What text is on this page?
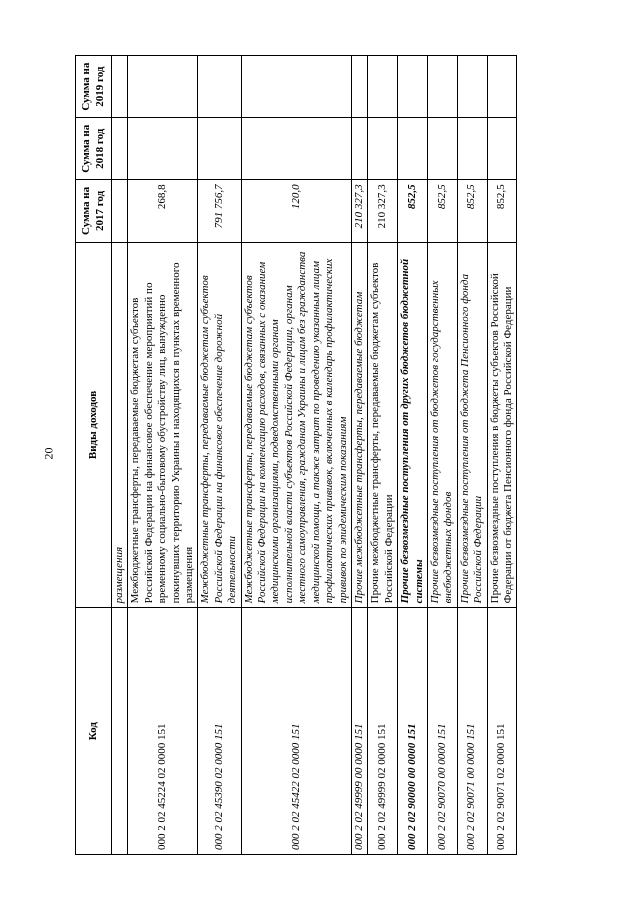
20
Код	Виды доходов	Сумма на 2017 год	Сумма на 2018 год	Сумма на 2019 год
	размещения			
000 2 02 45224 02 0000 151	Межбюджетные трансферты, передаваемые бюджетам субъектов Российской Федерации на финансовое обеспечение мероприятий по временному социально-бытовому обустройству лиц, вынужденно покинувших территорию Украины и находящихся в пунктах временного размещения	268,8		
000 2 02 45390 02 0000 151	Межбюджетные трансферты, передаваемые бюджетам субъектов Российской Федерации на финансовое обеспечение дорожной деятельности	791 756,7		
000 2 02 45422 02 0000 151	Межбюджетные трансферты, передаваемые бюджетам субъектов Российской Федерации на компенсацию расходов, связанных с оказанием медицинскими организациями, подведомственными органам исполнительной власти субъектов Российской Федерации, органам местного самоуправления, гражданам Украины и лицам без гражданства медицинской помощи, а также затрат по проведению указанным лицам профилактических прививок, включенных в календарь профилактических прививок по эпидемическим показаниям	120,0		
000 2 02 49999 00 0000 151	Прочие межбюджетные трансферты, передаваемые бюджетам	210 327,3		
000 2 02 49999 02 0000 151	Прочие межбюджетные трансферты, передаваемые бюджетам субъектов Российской Федерации	210 327,3		
000 2 02 90000 00 0000 151	Прочие безвозмездные поступления от других бюджетов бюджетной системы	852,5		
000 2 02 90070 00 0000 151	Прочие безвозмездные поступления от бюджетов государственных внебюджетных фондов	852,5		
000 2 02 90071 00 0000 151	Прочие безвозмездные поступления от бюджета Пенсионного фонда Российской Федерации	852,5		
000 2 02 90071 02 0000 151	Прочие безвозмездные поступления в бюджеты субъектов Российской Федерации от бюджета Пенсионного фонда Российской Федерации	852,5		
